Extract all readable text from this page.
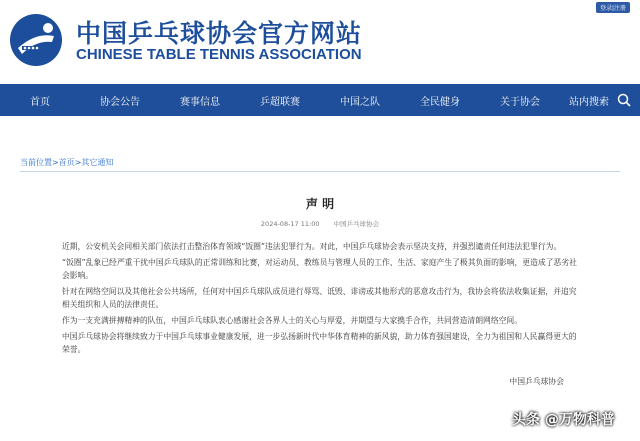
中国乒乓球协会官方网站
CHINESE TABLE TENNIS ASSOCIATION
登录|注册
首页	协会公告	赛事信息	乒超联赛	中国之队	全民健身	关于协会	站内搜索
当前位置>首页>其它通知
声 明
2024-08-17 11:00 中国乒乓球协会

近期，公安机关会同相关部门依法打击整治体育领域“饭圈”违法犯罪行为。对此，中国乒乓球协会表示坚决支持，并强烈谴责任何违法犯罪行为。

“饭圈”乱象已经严重干扰中国乒乓球队的正常训练和比赛，对运动员、教练员与管理人员的工作、生活、家庭产生了极其负面的影响，更造成了恶劣社会影响。

针对在网络空间以及其他社会公共场所，任何对中国乒乓球队成员进行辱骂、诋毁、诽谤或其他形式的恶意攻击行为，我协会将依法收集证据，并追究相关组织和人员的法律责任。

作为一支充满拼搏精神的队伍，中国乒乓球队衷心感谢社会各界人士的关心与厚爱，并期望与大家携手合作，共同营造清朗网络空间。

中国乒乓球协会将继续致力于中国乒乓球事业健康发展，进一步弘扬新时代中华体育精神的新风貌，助力体育强国建设，全力为祖国和人民赢得更大的荣誉。

中国乒乓球协会
头条 @万物科普
